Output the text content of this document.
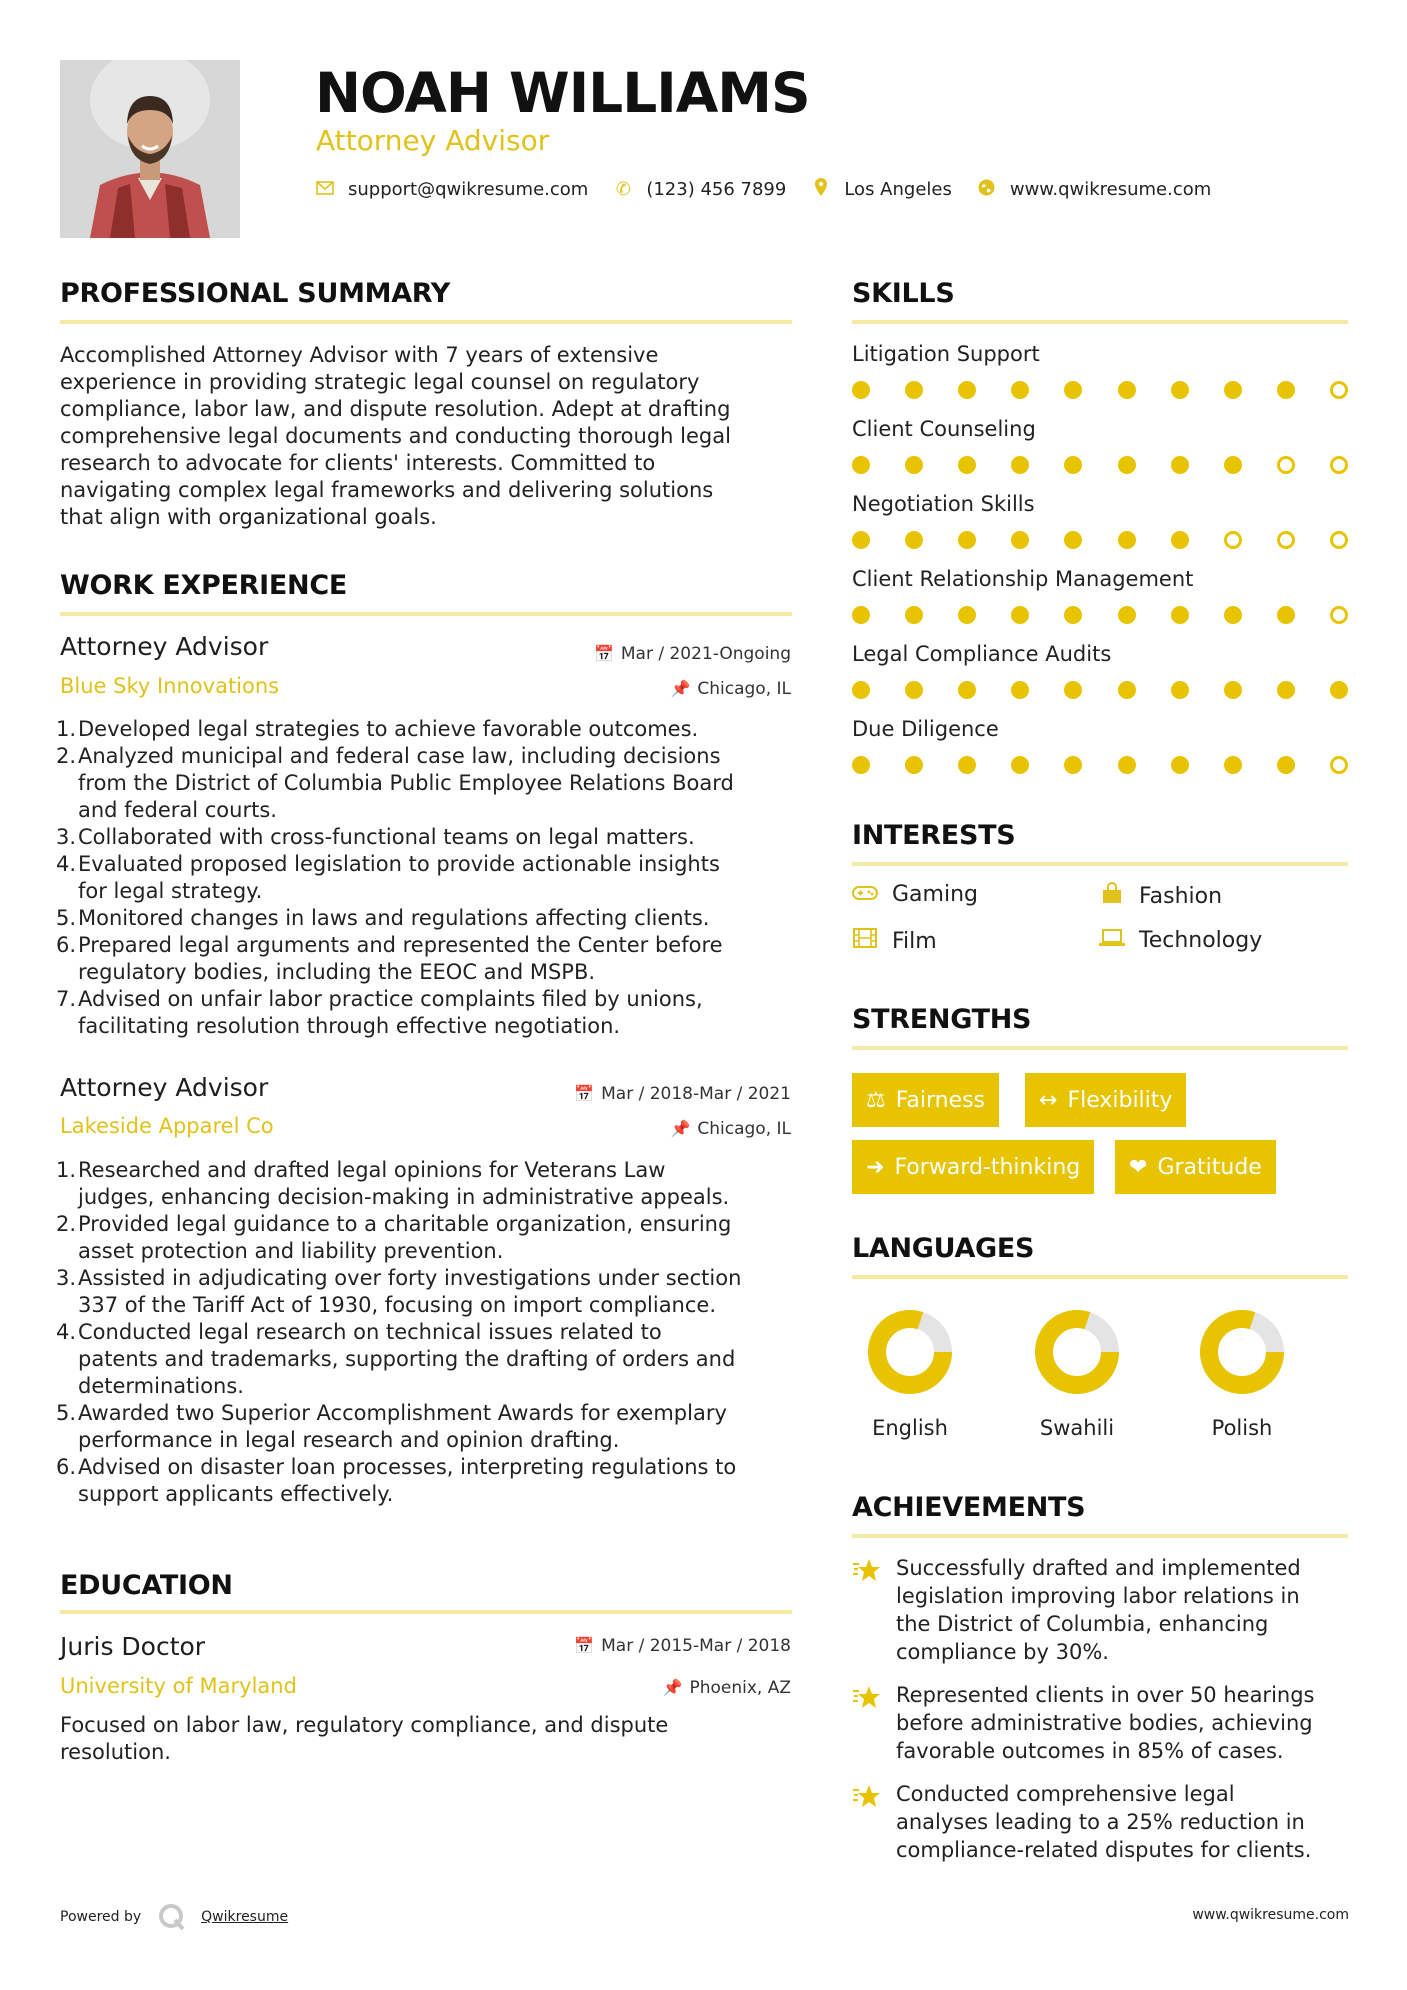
NOAH WILLIAMS
Attorney Advisor
support@qwikresume.com ✆ (123) 456 7899	Los Angeles	www.qwikresume.com
PROFESSIONAL SUMMARY
Accomplished Attorney Advisor with 7 years of extensive
experience in providing strategic legal counsel on regulatory
compliance, labor law, and dispute resolution. Adept at drafting
comprehensive legal documents and conducting thorough legal
research to advocate for clients' interests. Committed to
navigating complex legal frameworks and delivering solutions
that align with organizational goals.
WORK EXPERIENCE
Attorney Advisor
Blue Sky Innovations
📅 Mar / 2021-Ongoing
📌 Chicago, IL
1. Developed legal strategies to achieve favorable outcomes.
2. Analyzed municipal and federal case law, including decisions
from the District of Columbia Public Employee Relations Board
and federal courts.
3. Collaborated with cross-functional teams on legal matters.
4. Evaluated proposed legislation to provide actionable insights
for legal strategy.
5. Monitored changes in laws and regulations affecting clients.
6. Prepared legal arguments and represented the Center before
regulatory bodies, including the EEOC and MSPB.
7. Advised on unfair labor practice complaints filed by unions,
facilitating resolution through effective negotiation.
Attorney Advisor
Lakeside Apparel Co
📅 Mar / 2018-Mar / 2021
📌 Chicago, IL
1. Researched and drafted legal opinions for Veterans Law
judges, enhancing decision-making in administrative appeals.
2. Provided legal guidance to a charitable organization, ensuring
asset protection and liability prevention.
3. Assisted in adjudicating over forty investigations under section
337 of the Tariff Act of 1930, focusing on import compliance.
4. Conducted legal research on technical issues related to
patents and trademarks, supporting the drafting of orders and
determinations.
5. Awarded two Superior Accomplishment Awards for exemplary
performance in legal research and opinion drafting.
6. Advised on disaster loan processes, interpreting regulations to
support applicants effectively.
EDUCATION
Juris Doctor
University of Maryland
📅 Mar / 2015-Mar / 2018
📌 Phoenix, AZ
Focused on labor law, regulatory compliance, and dispute
resolution.
SKILLS
Litigation Support
Client Counseling
Negotiation Skills
Client Relationship Management
Legal Compliance Audits
Due Diligence
INTERESTS
Gaming	Fashion
Film	Technology
STRENGTHS
⚖ Fairness ↔ Flexibility
➜ Forward-thinking ❤ Gratitude
LANGUAGES
English	Swahili	Polish
ACHIEVEMENTS
Successfully drafted and implemented
legislation improving labor relations in
the District of Columbia, enhancing
compliance by 30%.
Represented clients in over 50 hearings
before administrative bodies, achieving
favorable outcomes in 85% of cases.
Conducted comprehensive legal
analyses leading to a 25% reduction in
compliance-related disputes for clients.
Powered by	Qwikresume	www.qwikresume.com
